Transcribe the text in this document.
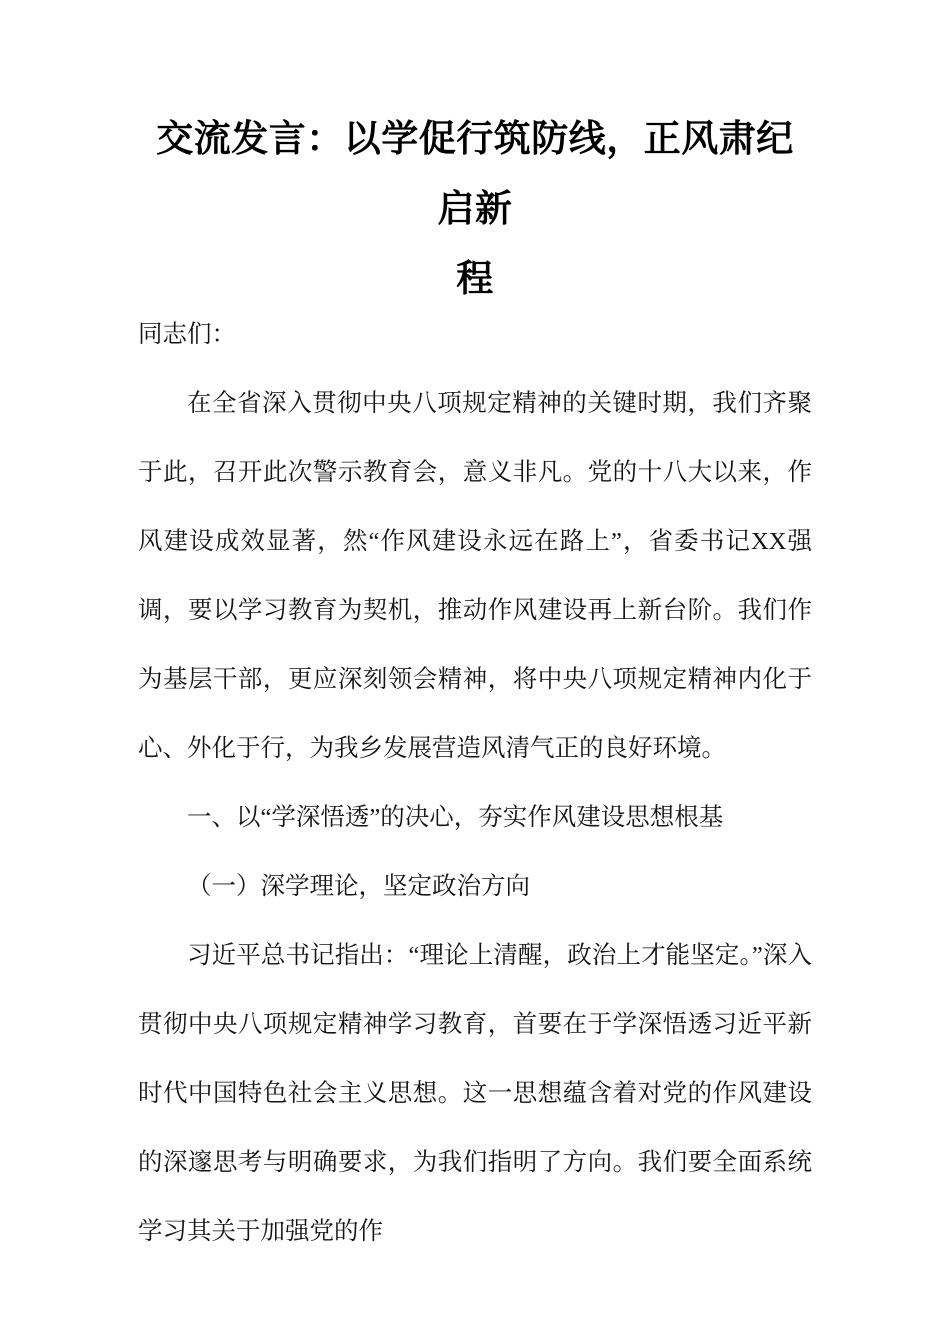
交流发言：以学促行筑防线，正风肃纪启新
程

同志们：

在全省深入贯彻中央八项规定精神的关键时期，我们齐聚于此，召开此次警示教育会，意义非凡。党的十八大以来，作风建设成效显著，然“作风建设永远在路上”，省委书记XX强调，要以学习教育为契机，推动作风建设再上新台阶。我们作为基层干部，更应深刻领会精神，将中央八项规定精神内化于心、外化于行，为我乡发展营造风清气正的良好环境。

一、以“学深悟透”的决心，夯实作风建设思想根基

（一）深学理论，坚定政治方向

习近平总书记指出：“理论上清醒，政治上才能坚定。”深入贯彻中央八项规定精神学习教育，首要在于学深悟透习近平新时代中国特色社会主义思想。这一思想蕴含着对党的作风建设的深邃思考与明确要求，为我们指明了方向。我们要全面系统学习其关于加强党的作
